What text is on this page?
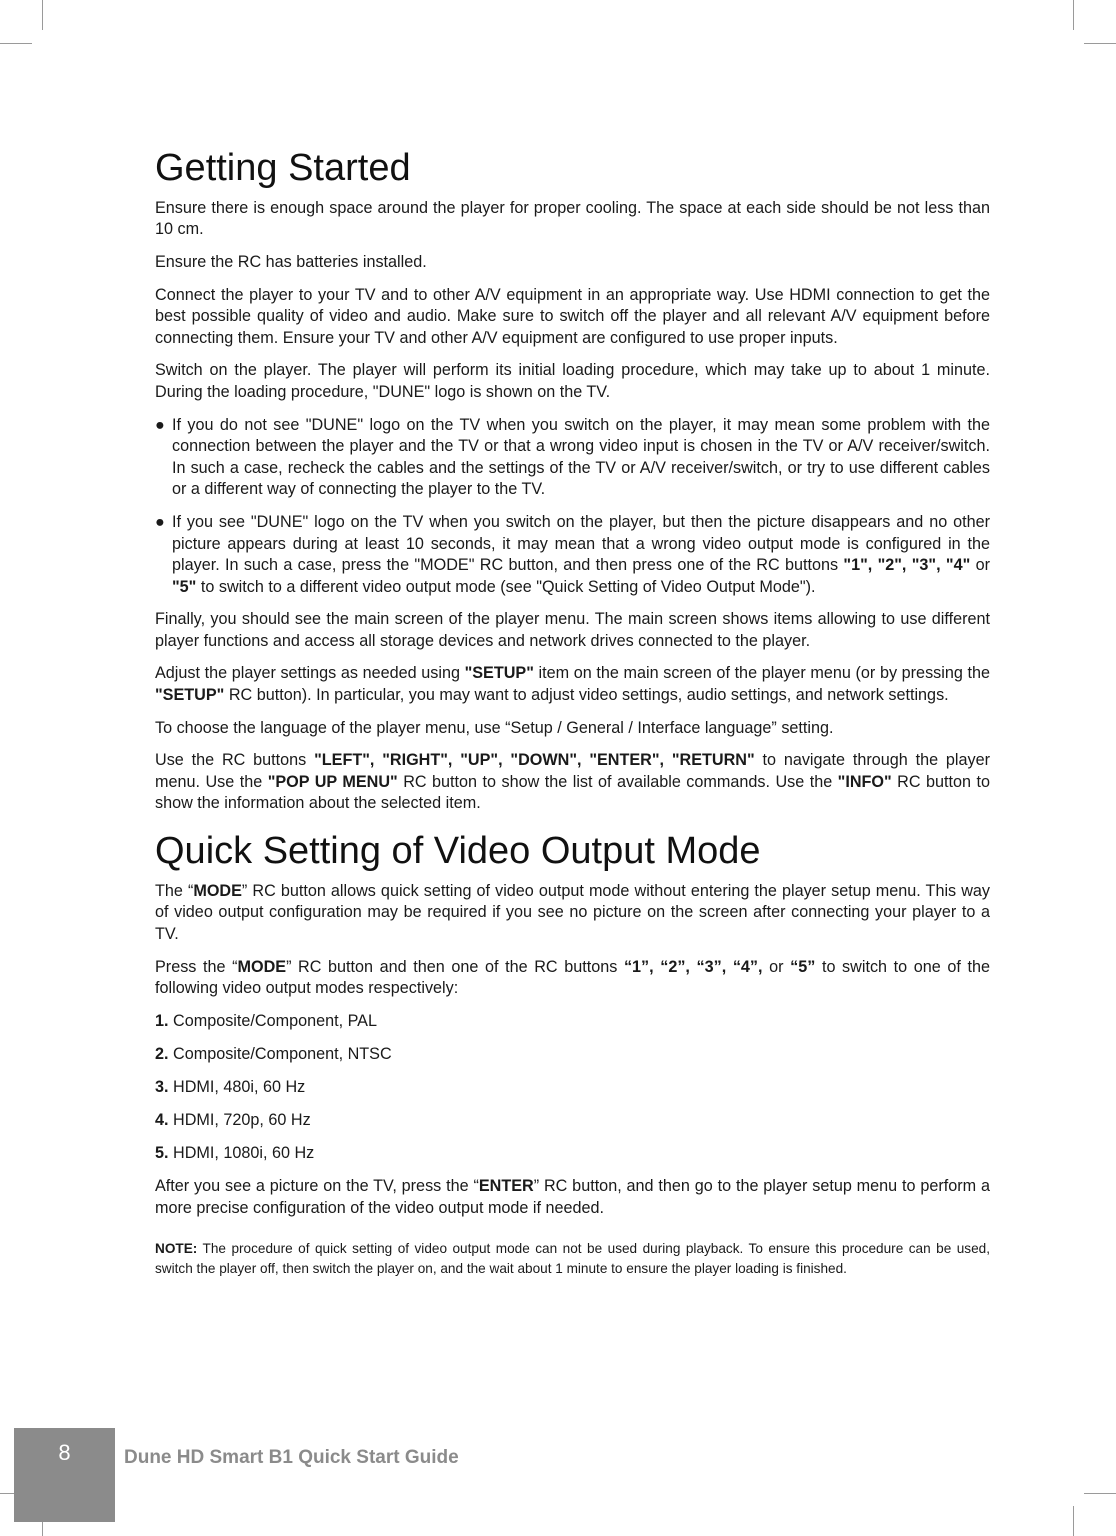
Getting Started

Ensure there is enough space around the player for proper cooling. The space at each side should be not less than 10 cm.

Ensure the RC has batteries installed.

Connect the player to your TV and to other A/V equipment in an appropriate way. Use HDMI connection to get the best possible quality of video and audio. Make sure to switch off the player and all relevant A/V equipment before connecting them. Ensure your TV and other A/V equipment are configured to use proper inputs.

Switch on the player. The player will perform its initial loading procedure, which may take up to about 1 minute. During the loading procedure, "DUNE" logo is shown on the TV.

● If you do not see "DUNE" logo on the TV when you switch on the player, it may mean some problem with the connection between the player and the TV or that a wrong video input is chosen in the TV or A/V receiver/switch. In such a case, recheck the cables and the settings of the TV or A/V receiver/switch, or try to use different cables or a different way of connecting the player to the TV.

● If you see "DUNE" logo on the TV when you switch on the player, but then the picture disappears and no other picture appears during at least 10 seconds, it may mean that a wrong video output mode is configured in the player. In such a case, press the "MODE" RC button, and then press one of the RC buttons "1", "2", "3", "4" or "5" to switch to a different video output mode (see "Quick Setting of Video Output Mode").

Finally, you should see the main screen of the player menu. The main screen shows items allowing to use different player functions and access all storage devices and network drives connected to the player.

Adjust the player settings as needed using "SETUP" item on the main screen of the player menu (or by pressing the "SETUP" RC button). In particular, you may want to adjust video settings, audio settings, and network settings.

To choose the language of the player menu, use “Setup / General / Interface language” setting.

Use the RC buttons "LEFT", "RIGHT", "UP", "DOWN", "ENTER", "RETURN" to navigate through the player menu. Use the "POP UP MENU" RC button to show the list of available commands. Use the "INFO" RC button to show the information about the selected item.

Quick Setting of Video Output Mode

The “MODE” RC button allows quick setting of video output mode without entering the player setup menu. This way of video output configuration may be required if you see no picture on the screen after connecting your player to a TV.

Press the “MODE” RC button and then one of the RC buttons “1”, “2”, “3”, “4”, or “5” to switch to one of the following video output modes respectively:

1. Composite/Component, PAL
2. Composite/Component, NTSC
3. HDMI, 480i, 60 Hz
4. HDMI, 720p, 60 Hz
5. HDMI, 1080i, 60 Hz

After you see a picture on the TV, press the “ENTER” RC button, and then go to the player setup menu to perform a more precise configuration of the video output mode if needed.

NOTE: The procedure of quick setting of video output mode can not be used during playback. To ensure this procedure can be used, switch the player off, then switch the player on, and the wait about 1 minute to ensure the player loading is finished.

8	Dune HD Smart B1 Quick Start Guide
